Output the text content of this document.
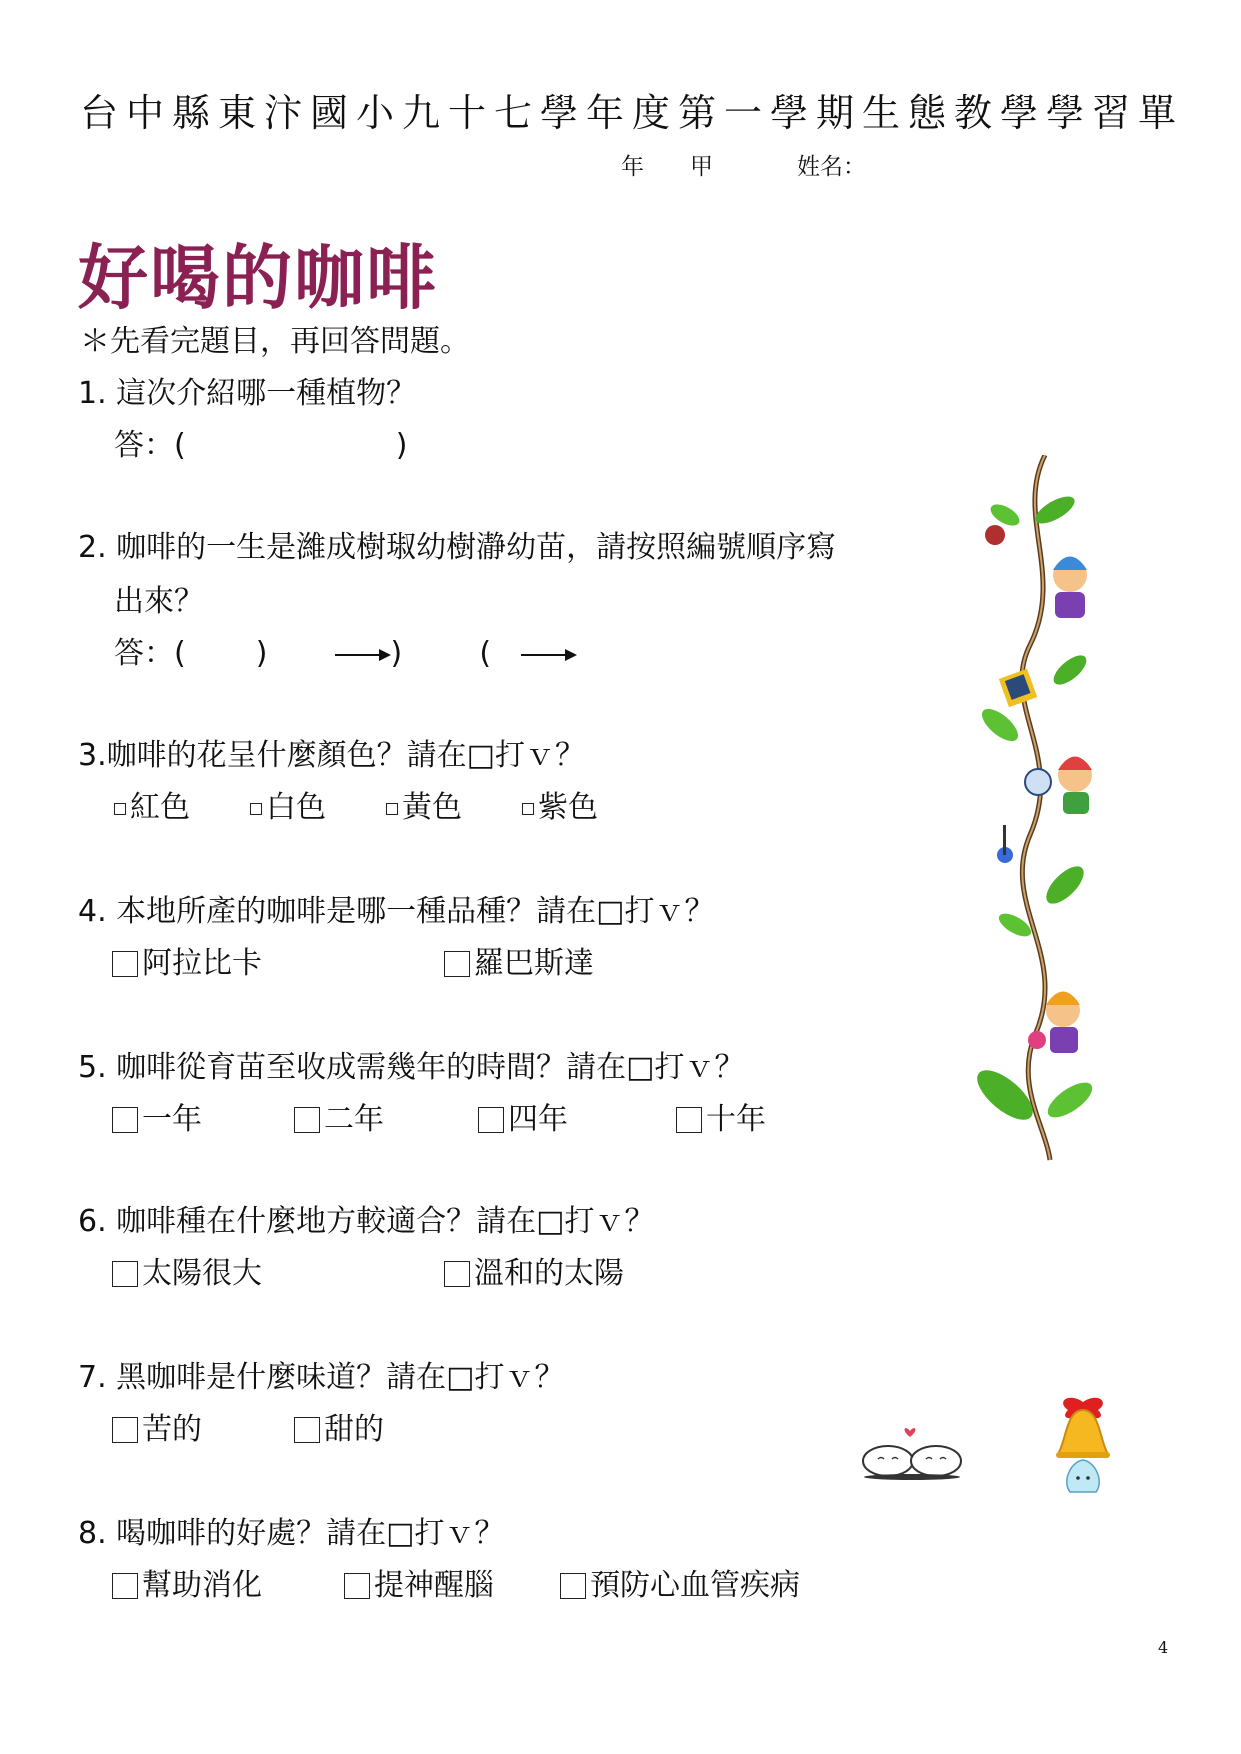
台中縣東汴國小九十七學年度第一學期生態教學學習單
年　　甲	姓名：
好喝的咖啡
＊先看完題目，再回答問題。
1. 這次介紹哪一種植物？
答：(	)
2. 咖啡的一生是濰成樹琡幼樹瀞幼苗，請按照編號順序寫
出來？
答：( )	)	(
3.咖啡的花呈什麼顏色？請在□打ｖ？
紅色	白色	黃色	紫色
4. 本地所產的咖啡是哪一種品種？請在□打ｖ？
阿拉比卡	羅巴斯達
5. 咖啡從育苗至收成需幾年的時間？請在□打ｖ？
一年	二年	四年	十年
6. 咖啡種在什麼地方較適合？請在□打ｖ？
太陽很大	溫和的太陽
7. 黑咖啡是什麼味道？請在□打ｖ？
苦的	甜的
8. 喝咖啡的好處？請在□打ｖ？
幫助消化	提神醒腦	預防心血管疾病
4
